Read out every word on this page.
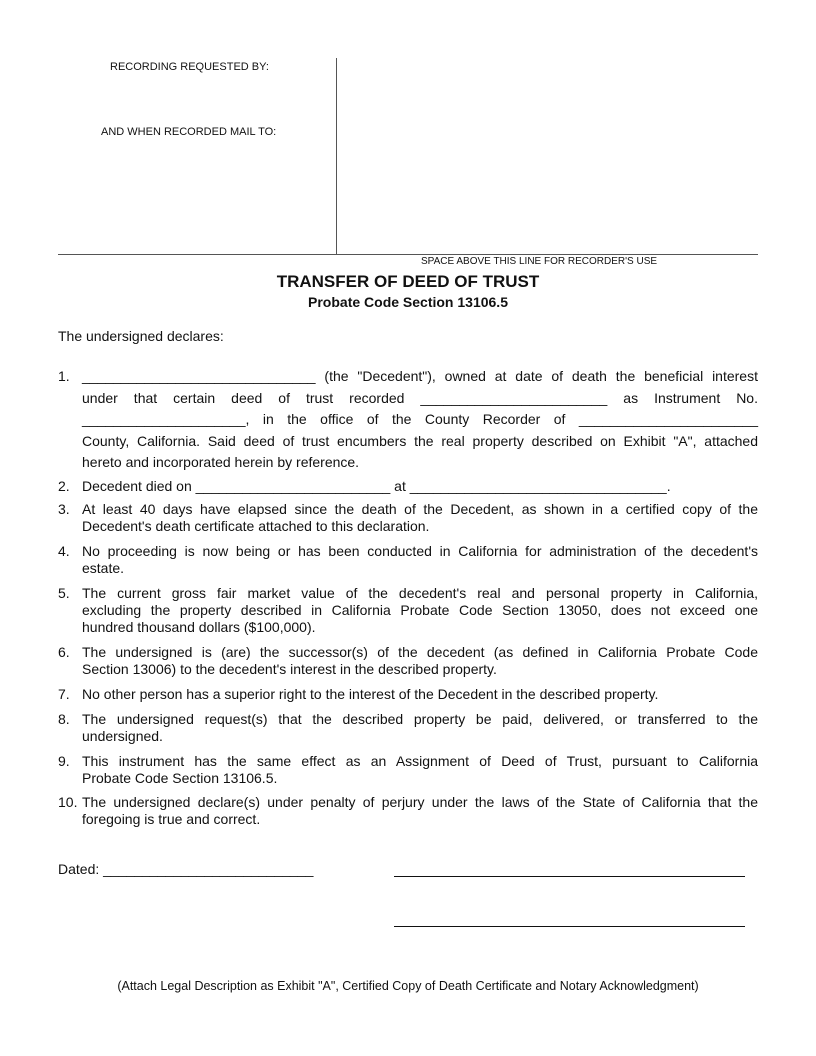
RECORDING REQUESTED BY:
AND WHEN RECORDED MAIL TO:
SPACE ABOVE THIS LINE FOR RECORDER'S USE
TRANSFER OF DEED OF TRUST
Probate Code Section 13106.5
The undersigned declares:
1. ______________________________ (the "Decedent"), owned at date of death the beneficial interest
under that certain deed of trust recorded ________________________ as Instrument No.
_____________________, in the office of the County Recorder of _______________________
County, California. Said deed of trust encumbers the real property described on Exhibit "A", attached
hereto and incorporated herein by reference.
2. Decedent died on _________________________ at _________________________________.
3. At least 40 days have elapsed since the death of the Decedent, as shown in a certified copy of the
Decedent's death certificate attached to this declaration.
4. No proceeding is now being or has been conducted in California for administration of the decedent's
estate.
5. The current gross fair market value of the decedent's real and personal property in California,
excluding the property described in California Probate Code Section 13050, does not exceed one
hundred thousand dollars ($100,000).
6. The undersigned is (are) the successor(s) of the decedent (as defined in California Probate Code
Section 13006) to the decedent's interest in the described property.
7. No other person has a superior right to the interest of the Decedent in the described property.
8. The undersigned request(s) that the described property be paid, delivered, or transferred to the
undersigned.
9. This instrument has the same effect as an Assignment of Deed of Trust, pursuant to California
Probate Code Section 13106.5.
10. The undersigned declare(s) under penalty of perjury under the laws of the State of California that the
foregoing is true and correct.
Dated: ___________________________
(Attach Legal Description as Exhibit "A", Certified Copy of Death Certificate and Notary Acknowledgment)
